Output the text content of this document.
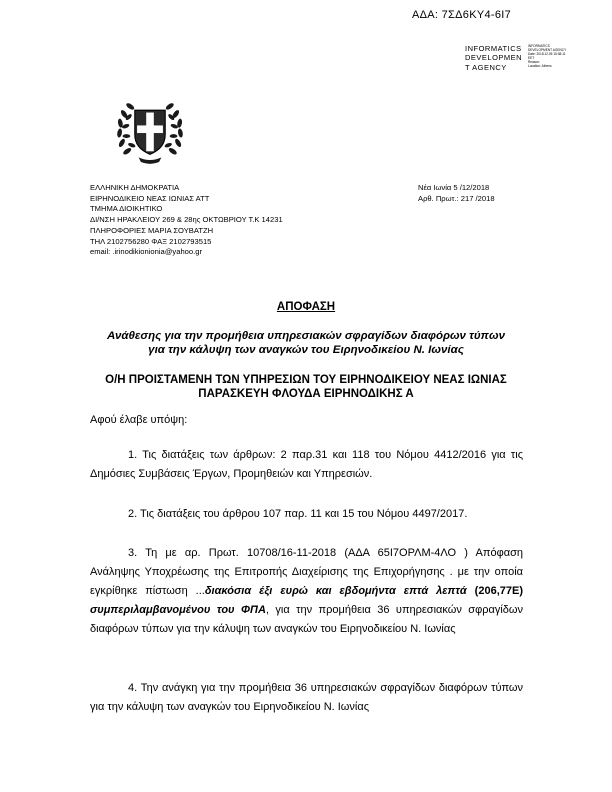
ΑΔΑ: 7ΣΔ6ΚΥ4-6Ι7
INFORMATICS
DEVELOPMEN
T AGENCY
INFORMATICS
DEVELOPMENT AGENCY
Date: 2018.12.05 15:38:11
EET
Reason:
Location: Athens
ΕΛΛΗΝΙΚΗ ΔΗΜΟΚΡΑΤΙΑ
ΕΙΡΗΝΟΔΙΚΕΙΟ ΝΕΑΣ ΙΩΝΙΑΣ ΑΤΤ
ΤΜΗΜΑ ΔΙΟΙΚΗΤΙΚΟ
ΔΙ/ΝΣΗ ΗΡΑΚΛΕΙΟΥ 269 & 28ης ΟΚΤΩΒΡΙΟΥ Τ.Κ 14231
ΠΛΗΡΟΦΟΡΙΕΣ ΜΑΡΙΑ ΣΟΥΒΑΤΖΗ
ΤΗΛ 2102756280 ΦΑΞ 2102793515
email: .irinodikionionia@yahoo.gr
Νέα Ιωνία 5 /12/2018
Αρθ. Πρωτ.: 217 /2018
ΑΠΟΦΑΣΗ
Ανάθεσης για την προμήθεια υπηρεσιακών σφραγίδων διαφόρων τύπων
για την κάλυψη των αναγκών του Ειρηνοδικείου Ν. Ιωνίας
Ο/Η ΠΡΟΙΣΤΑΜΕΝΗ ΤΩΝ ΥΠΗΡΕΣΙΩΝ ΤΟΥ ΕΙΡΗΝΟΔΙΚΕΙΟΥ ΝΕΑΣ ΙΩΝΙΑΣ
ΠΑΡΑΣΚΕΥΗ ΦΛΟΥΔΑ ΕΙΡΗΝΟΔΙΚΗΣ Α
Αφού έλαβε υπόψη:
1. Τις διατάξεις των άρθρων: 2 παρ.31 και 118 του Νόμου 4412/2016 για τις Δημόσιες Συμβάσεις Έργων, Προμηθειών και Υπηρεσιών.
2. Τις διατάξεις του άρθρου 107 παρ. 11 και 15 του Νόμου 4497/2017.
3. Τη με αρ. Πρωτ. 10708/16-11-2018 (ΑΔΑ 65Ι7ΟΡΛΜ-4ΛΟ ) Απόφαση Ανάληψης Υποχρέωσης της Επιτροπής Διαχείρισης της Επιχορήγησης . με την οποία εγκρίθηκε πίστωση ...διακόσια έξι ευρώ και εβδομήντα επτά λεπτά (206,77Ε) συμπεριλαμβανομένου του ΦΠΑ, για την προμήθεια 36 υπηρεσιακών σφραγίδων διαφόρων τύπων για την κάλυψη των αναγκών του Ειρηνοδικείου Ν. Ιωνίας
4. Την ανάγκη για την προμήθεια 36 υπηρεσιακών σφραγίδων διαφόρων τύπων για την κάλυψη των αναγκών του Ειρηνοδικείου Ν. Ιωνίας
